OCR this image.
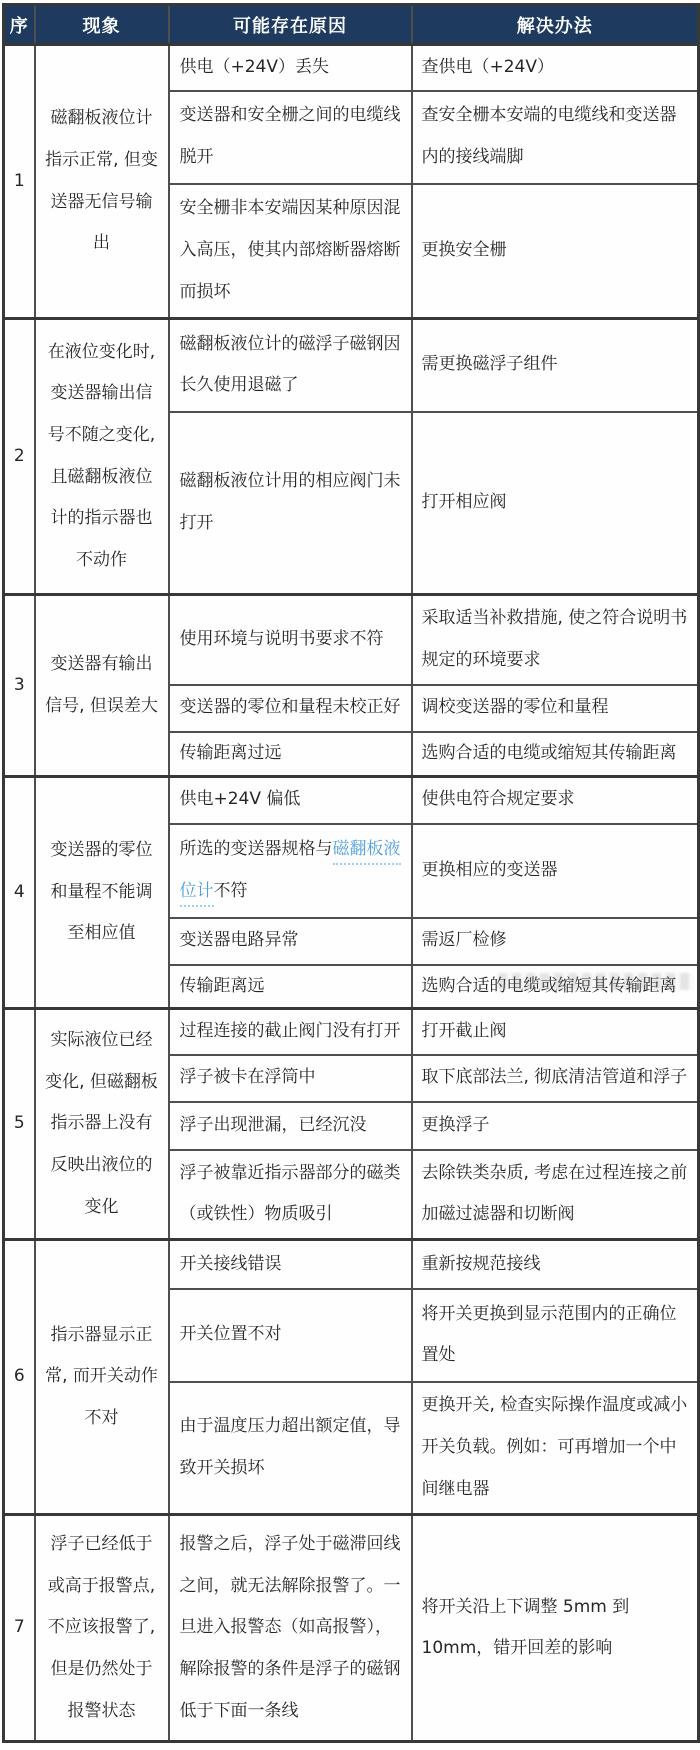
序	现象	可能存在原因	解决办法
1	磁翻板液位计指示正常, 但变送器无信号输出	供电（+24V）丢失	查供电（+24V）
		变送器和安全栅之间的电缆线脱开	查安全栅本安端的电缆线和变送器内的接线端脚
		安全栅非本安端因某种原因混入高压，使其内部熔断器熔断而损坏	更换安全栅
2	在液位变化时, 变送器输出信号不随之变化, 且磁翻板液位计的指示器也不动作	磁翻板液位计的磁浮子磁钢因长久使用退磁了	需更换磁浮子组件
		磁翻板液位计用的相应阀门未打开	打开相应阀
3	变送器有输出信号, 但误差大	使用环境与说明书要求不符	采取适当补救措施, 使之符合说明书规定的环境要求
		变送器的零位和量程未校正好	调校变送器的零位和量程
		传输距离过远	选购合适的电缆或缩短其传输距离
4	变送器的零位和量程不能调至相应值	供电+24V 偏低	使供电符合规定要求
		所选的变送器规格与磁翻板液位计不符	更换相应的变送器
		变送器电路异常	需返厂检修
		传输距离远	选购合适的电缆或缩短其传输距离
5	实际液位已经变化, 但磁翻板指示器上没有反映出液位的变化	过程连接的截止阀门没有打开	打开截止阀
		浮子被卡在浮筒中	取下底部法兰, 彻底清洁管道和浮子
		浮子出现泄漏，已经沉没	更换浮子
		浮子被靠近指示器部分的磁类（或铁性）物质吸引	去除铁类杂质, 考虑在过程连接之前加磁过滤器和切断阀
6	指示器显示正常, 而开关动作不对	开关接线错误	重新按规范接线
		开关位置不对	将开关更换到显示范围内的正确位置处
		由于温度压力超出额定值，导致开关损坏	更换开关, 检查实际操作温度或减小开关负载。例如：可再增加一个中间继电器
7	浮子已经低于或高于报警点, 不应该报警了, 但是仍然处于报警状态	报警之后，浮子处于磁滞回线之间，就无法解除报警了。一旦进入报警态（如高报警），解除报警的条件是浮子的磁钢低于下面一条线	将开关沿上下调整 5mm 到 10mm，错开回差的影响
